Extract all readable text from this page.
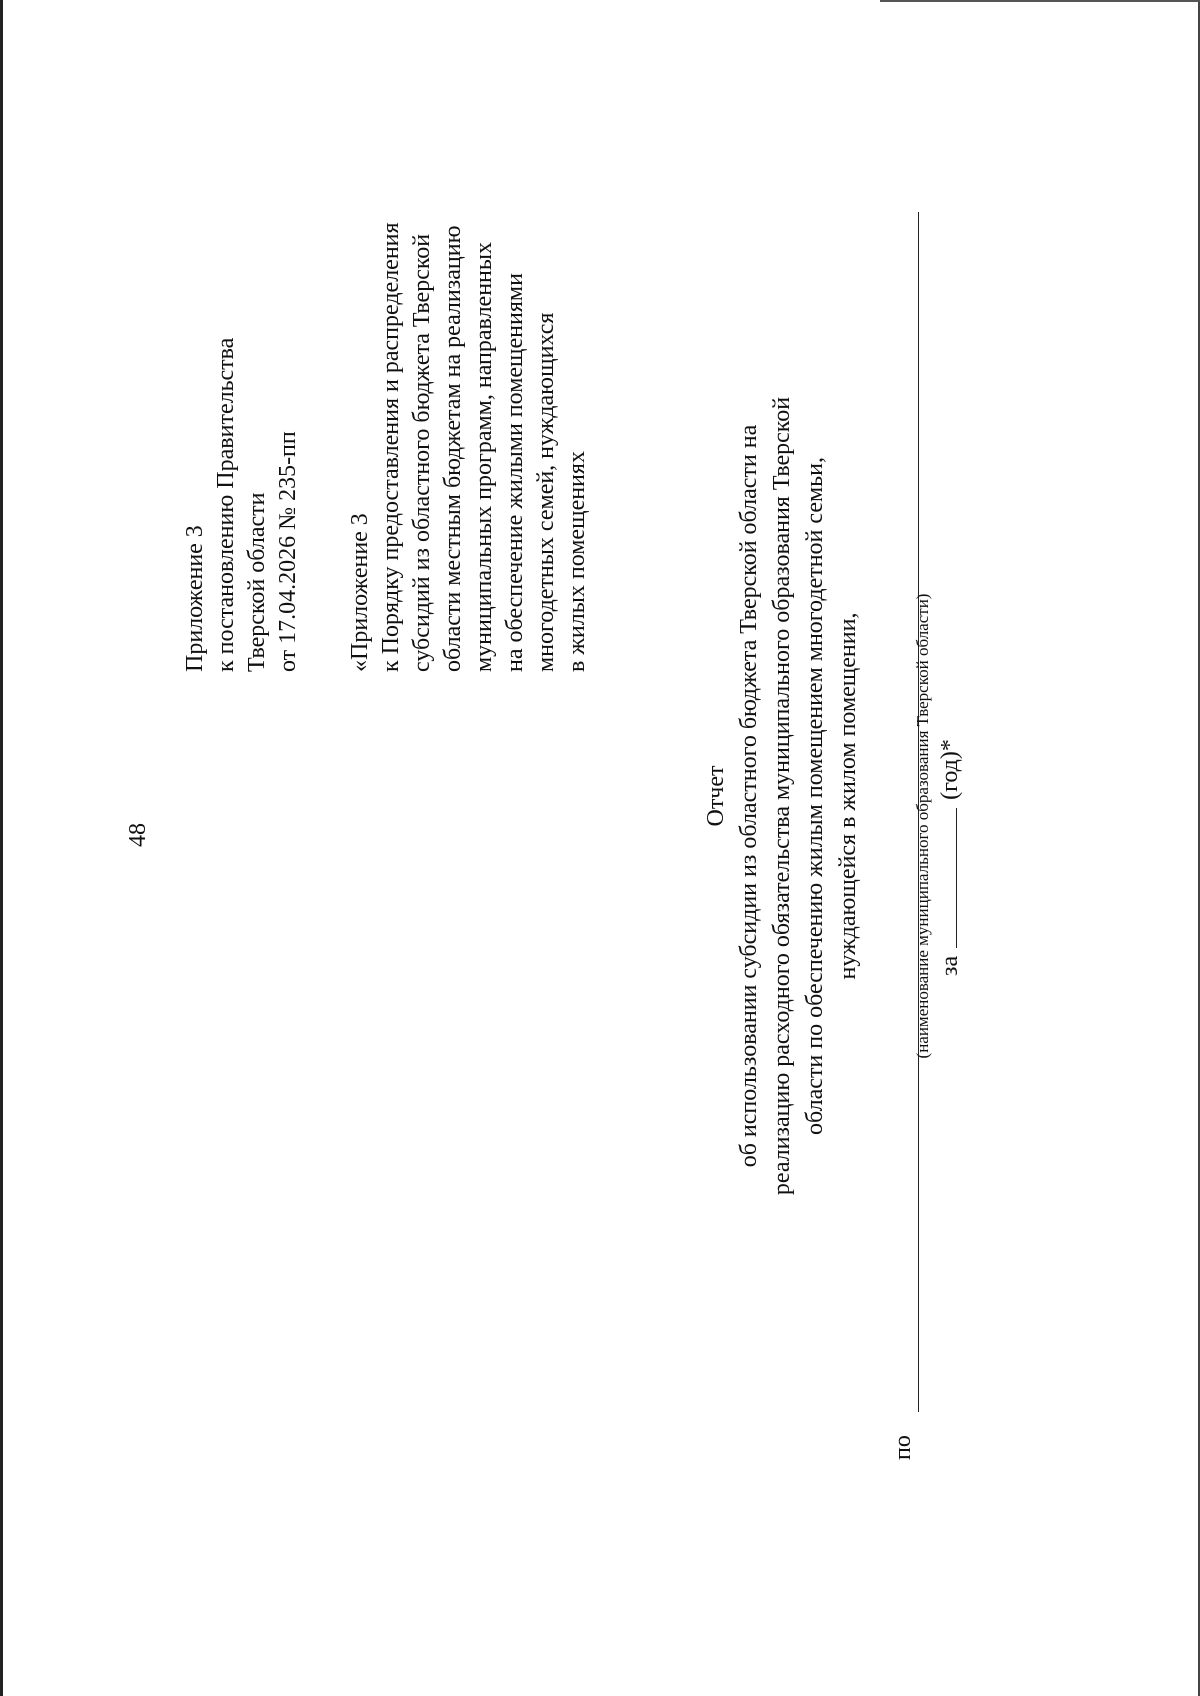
48
Приложение 3 к постановлению Правительства Тверской области от 17.04.2026 № 235-пп «Приложение 3 к Порядку предоставления и распределения субсидий из областного бюджета Тверской области местным бюджетам на реализацию муниципальных программ, направленных на обеспечение жилыми помещениями многодетных семей, нуждающихся в жилых помещениях
Отчет об использовании субсидии из областного бюджета Тверской области на реализацию расходного обязательства муниципального образования Тверской области по обеспечению жилым помещением многодетной семьи, нуждающейся в жилом помещении,
по
(наименование муниципального образования Тверской области) за  (год)*
